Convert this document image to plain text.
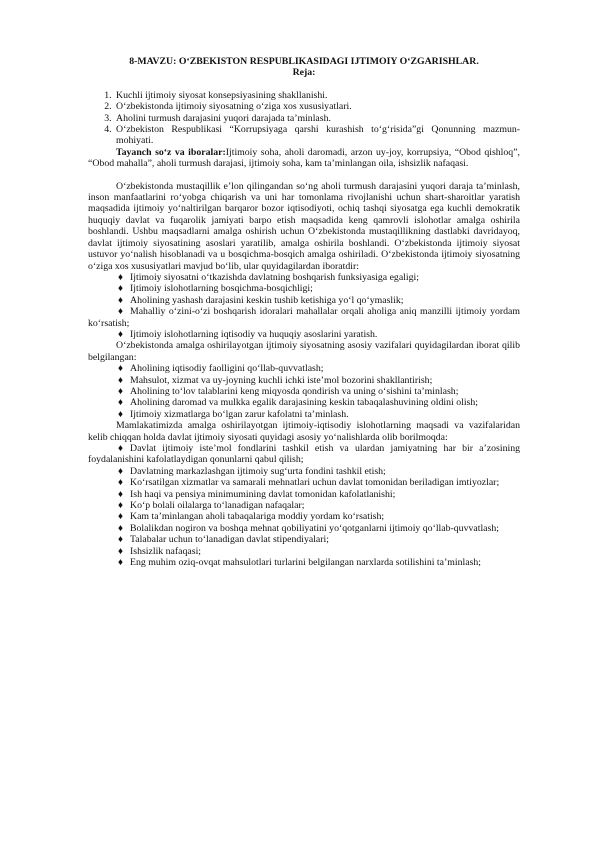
8-MAVZU: O‘ZBEKISTON RESPUBLIKASIDAGI IJTIMOIY O‘ZGARISHLAR.
Reja:
1. Kuchli ijtimoiy siyosat konsepsiyasining shakllanishi.
2. O‘zbekistonda ijtimoiy siyosatning o‘ziga xos xususiyatlari.
3. Aholini turmush darajasini yuqori darajada ta’minlash.
4. O‘zbekiston Respublikasi “Korrupsiyaga qarshi kurashish to‘g‘risida”gi Qonunning mazmun-mohiyati.

Tayanch so‘z va iboralar:Ijtimoiy soha, aholi daromadi, arzon uy-joy, korrupsiya, “Obod qishloq”, “Obod mahalla”, aholi turmush darajasi, ijtimoiy soha, kam ta’minlangan oila, ishsizlik nafaqasi.

O‘zbekistonda mustaqillik e’lon qilingandan so‘ng aholi turmush darajasini yuqori daraja ta’minlash, inson manfaatlarini ro‘yobga chiqarish va uni har tomonlama rivojlanishi uchun shart-sharoitlar yaratish maqsadida ijtimoiy yo‘naltirilgan barqaror bozor iqtisodiyoti, ochiq tashqi siyosatga ega kuchli demokratik huquqiy davlat va fuqarolik jamiyati barpo etish maqsadida keng qamrovli islohotlar amalga oshirila boshlandi. Ushbu maqsadlarni amalga oshirish uchun O‘zbekistonda mustaqillikning dastlabki davridayoq, davlat ijtimoiy siyosatining asoslari yaratilib, amalga oshirila boshlandi. O‘zbekistonda ijtimoiy siyosat ustuvor yo‘nalish hisoblanadi va u bosqichma-bosqich amalga oshiriladi. O‘zbekistonda ijtimoiy siyosatning o‘ziga xos xususiyatlari mavjud bo‘lib, ular quyidagilardan iboratdir:

♦ Ijtimoiy siyosatni o‘tkazishda davlatning boshqarish funksiyasiga egaligi;

♦ Ijtimoiy islohotlarning bosqichma-bosqichligi;

♦ Aholining yashash darajasini keskin tushib ketishiga yo‘l qo‘ymaslik;

♦ Mahalliy o‘zini-o‘zi boshqarish idoralari mahallalar orqali aholiga aniq manzilli ijtimoiy yordam ko‘rsatish;

♦ Ijtimoiy islohotlarning iqtisodiy va huquqiy asoslarini yaratish.

O‘zbekistonda amalga oshirilayotgan ijtimoiy siyosatning asosiy vazifalari quyidagilardan iborat qilib belgilangan:

♦ Aholining iqtisodiy faolligini qo‘llab-quvvatlash;

♦ Mahsulot, xizmat va uy-joyning kuchli ichki iste’mol bozorini shakllantirish;

♦ Aholining to‘lov talablarini keng miqyosda qondirish va uning o‘sishini ta’minlash;

♦ Aholining daromad va mulkka egalik darajasining keskin tabaqalashuvining oldini olish;

♦ Ijtimoiy xizmatlarga bo‘lgan zarur kafolatni ta’minlash.

Mamlakatimizda amalga oshirilayotgan ijtimoiy-iqtisodiy islohotlarning maqsadi va vazifalaridan kelib chiqqan holda davlat ijtimoiy siyosati quyidagi asosiy yo‘nalishlarda olib borilmoqda:

♦ Davlat ijtimoiy iste’mol fondlarini tashkil etish va ulardan jamiyatning har bir a’zosining foydalanishini kafolatlaydigan qonunlarni qabul qilish;

♦ Davlatning markazlashgan ijtimoiy sug‘urta fondini tashkil etish;

♦ Ko‘rsatilgan xizmatlar va samarali mehnatlari uchun davlat tomonidan beriladigan imtiyozlar;

♦ Ish haqi va pensiya minimumining davlat tomonidan kafolatlanishi;

♦ Ko‘p bolali oilalarga to‘lanadigan nafaqalar;

♦ Kam ta’minlangan aholi tabaqalariga moddiy yordam ko‘rsatish;

♦ Bolalikdan nogiron va boshqa mehnat qobiliyatini yo‘qotganlarni ijtimoiy qo‘llab-quvvatlash;

♦ Talabalar uchun to‘lanadigan davlat stipendiyalari;

♦ Ishsizlik nafaqasi;

♦ Eng muhim oziq-ovqat mahsulotlari turlarini belgilangan narxlarda sotilishini ta’minlash;
